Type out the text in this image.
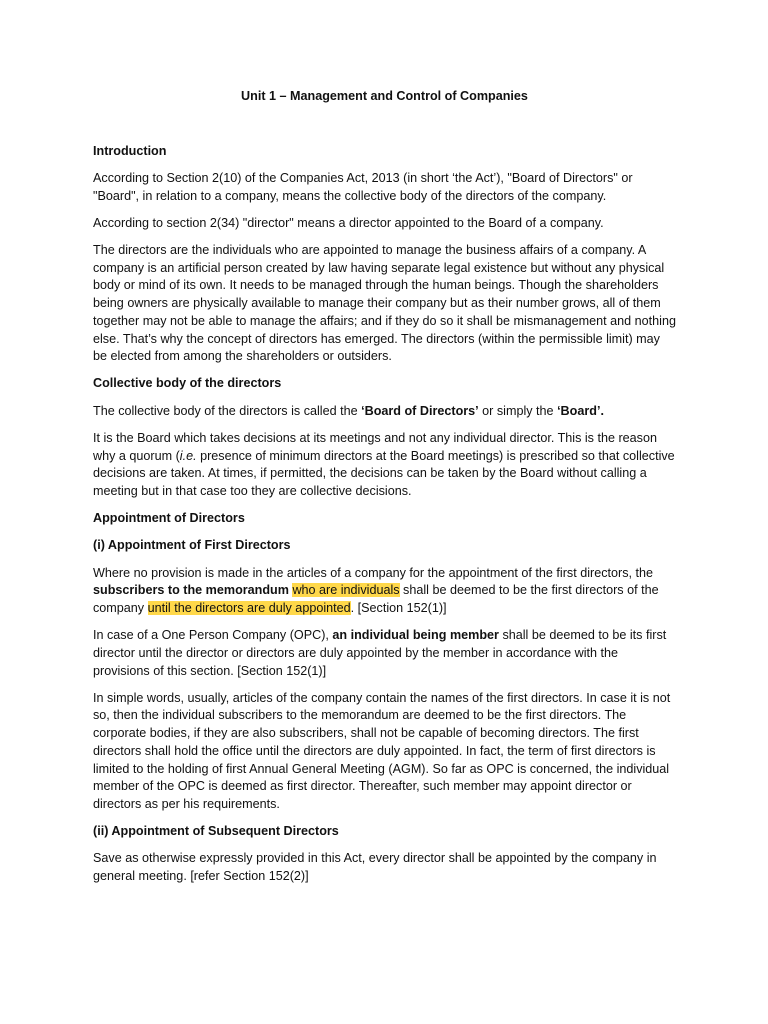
Unit 1 – Management and Control of Companies
Introduction

According to Section 2(10) of the Companies Act, 2013 (in short ‘the Act’), "Board of Directors" or "Board", in relation to a company, means the collective body of the directors of the company.

According to section 2(34) "director" means a director appointed to the Board of a company.

The directors are the individuals who are appointed to manage the business affairs of a company. A company is an artificial person created by law having separate legal existence but without any physical body or mind of its own. It needs to be managed through the human beings. Though the shareholders being owners are physically available to manage their company but as their number grows, all of them together may not be able to manage the affairs; and if they do so it shall be mismanagement and nothing else. That’s why the concept of directors has emerged. The directors (within the permissible limit) may be elected from among the shareholders or outsiders.

Collective body of the directors

The collective body of the directors is called the ‘Board of Directors’ or simply the ‘Board’.

It is the Board which takes decisions at its meetings and not any individual director. This is the reason why a quorum (i.e. presence of minimum directors at the Board meetings) is prescribed so that collective decisions are taken. At times, if permitted, the decisions can be taken by the Board without calling a meeting but in that case too they are collective decisions.

Appointment of Directors
(i) Appointment of First Directors

Where no provision is made in the articles of a company for the appointment of the first directors, the subscribers to the memorandum who are individuals shall be deemed to be the first directors of the company until the directors are duly appointed. [Section 152(1)]

In case of a One Person Company (OPC), an individual being member shall be deemed to be its first director until the director or directors are duly appointed by the member in accordance with the provisions of this section. [Section 152(1)]

In simple words, usually, articles of the company contain the names of the first directors. In case it is not so, then the individual subscribers to the memorandum are deemed to be the first directors. The corporate bodies, if they are also subscribers, shall not be capable of becoming directors. The first directors shall hold the office until the directors are duly appointed. In fact, the term of first directors is limited to the holding of first Annual General Meeting (AGM). So far as OPC is concerned, the individual member of the OPC is deemed as first director. Thereafter, such member may appoint director or directors as per his requirements.

(ii) Appointment of Subsequent Directors

Save as otherwise expressly provided in this Act, every director shall be appointed by the company in general meeting. [refer Section 152(2)]
